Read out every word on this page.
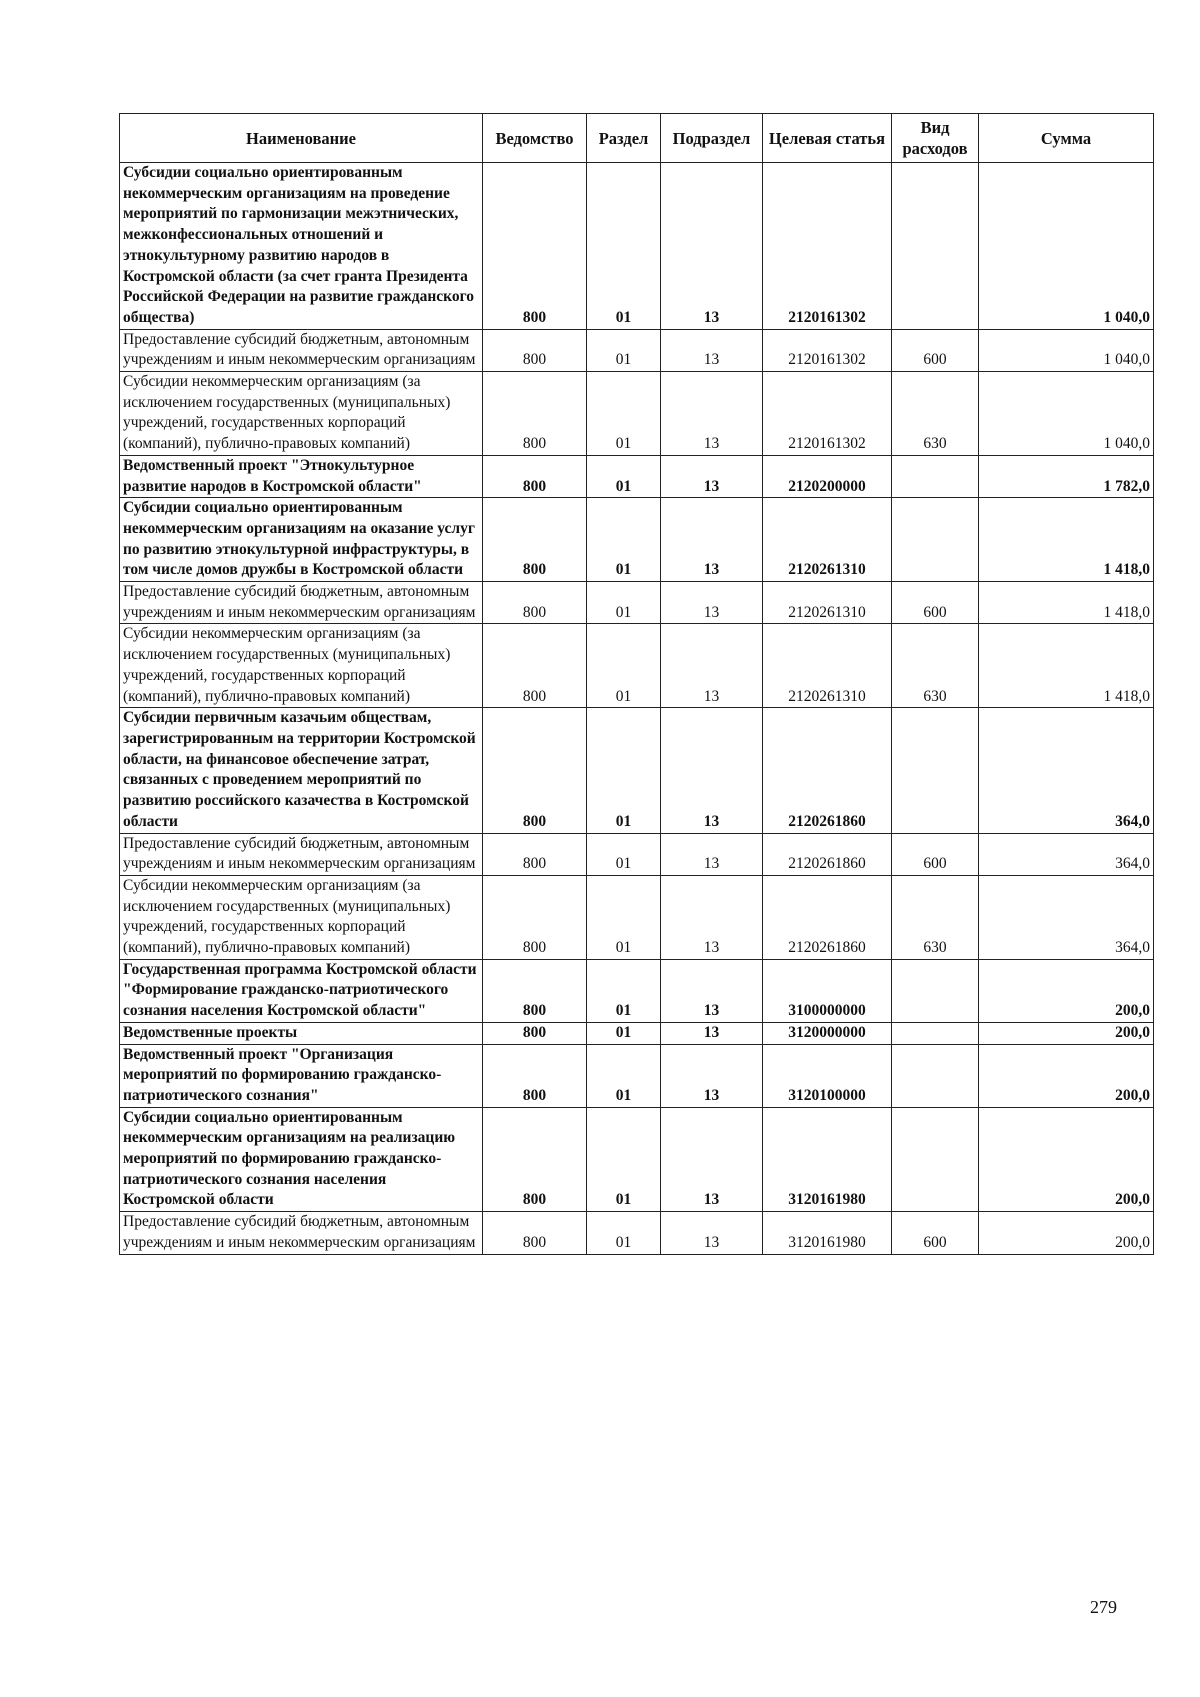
Наименование	Ведомство	Раздел	Подраздел	Целевая статья	Вид расходов	Сумма
Субсидии социально ориентированным некоммерческим организациям на проведение мероприятий по гармонизации межэтнических, межконфессиональных отношений и этнокультурному развитию народов в Костромской области (за счет гранта Президента Российской Федерации на развитие гражданского общества)	800	01	13	2120161302		1 040,0
Предоставление субсидий бюджетным, автономным учреждениям и иным некоммерческим организациям	800	01	13	2120161302	600	1 040,0
Субсидии некоммерческим организациям (за исключением государственных (муниципальных) учреждений, государственных корпораций (компаний), публично-правовых компаний)	800	01	13	2120161302	630	1 040,0
Ведомственный проект "Этнокультурное развитие народов в Костромской области"	800	01	13	2120200000		1 782,0
Субсидии социально ориентированным некоммерческим организациям на оказание услуг по развитию этнокультурной инфраструктуры, в том числе домов дружбы в Костромской области	800	01	13	2120261310		1 418,0
Предоставление субсидий бюджетным, автономным учреждениям и иным некоммерческим организациям	800	01	13	2120261310	600	1 418,0
Субсидии некоммерческим организациям (за исключением государственных (муниципальных) учреждений, государственных корпораций (компаний), публично-правовых компаний)	800	01	13	2120261310	630	1 418,0
Субсидии первичным казачьим обществам, зарегистрированным на территории Костромской области, на финансовое обеспечение затрат, связанных с проведением мероприятий по развитию российского казачества в Костромской области	800	01	13	2120261860		364,0
Предоставление субсидий бюджетным, автономным учреждениям и иным некоммерческим организациям	800	01	13	2120261860	600	364,0
Субсидии некоммерческим организациям (за исключением государственных (муниципальных) учреждений, государственных корпораций (компаний), публично-правовых компаний)	800	01	13	2120261860	630	364,0
Государственная программа Костромской области "Формирование гражданско-патриотического сознания населения Костромской области"	800	01	13	3100000000		200,0
Ведомственные проекты	800	01	13	3120000000		200,0
Ведомственный проект "Организация мероприятий по формированию гражданско-патриотического сознания"	800	01	13	3120100000		200,0
Субсидии социально ориентированным некоммерческим организациям на реализацию мероприятий по формированию гражданско-патриотического сознания населения Костромской области	800	01	13	3120161980		200,0
Предоставление субсидий бюджетным, автономным учреждениям и иным некоммерческим организациям	800	01	13	3120161980	600	200,0
279
